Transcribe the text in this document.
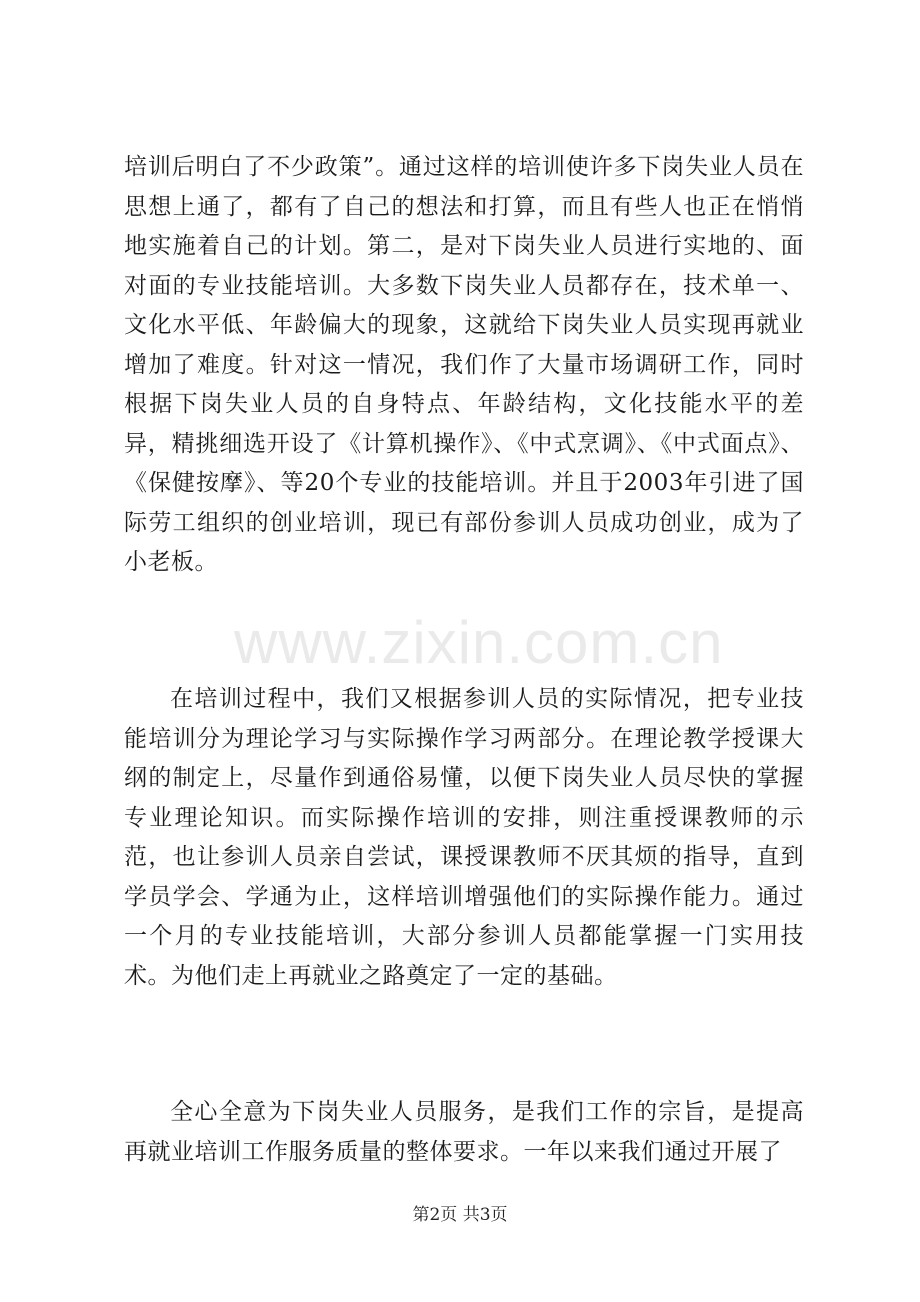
培训后明白了不少政策”。通过这样的培训使许多下岗失业人员在思想上通了，都有了自己的想法和打算，而且有些人也正在悄悄地实施着自己的计划。第二，是对下岗失业人员进行实地的、面对面的专业技能培训。大多数下岗失业人员都存在，技术单一、文化水平低、年龄偏大的现象，这就给下岗失业人员实现再就业增加了难度。针对这一情况，我们作了大量市场调研工作，同时根据下岗失业人员的自身特点、年龄结构，文化技能水平的差异，精挑细选开设了《计算机操作》、《中式烹调》、《中式面点》、《保健按摩》、等20个专业的技能培训。并且于2003年引进了国际劳工组织的创业培训，现已有部份参训人员成功创业，成为了小老板。

在培训过程中，我们又根据参训人员的实际情况，把专业技能培训分为理论学习与实际操作学习两部分。在理论教学授课大纲的制定上，尽量作到通俗易懂，以便下岗失业人员尽快的掌握专业理论知识。而实际操作培训的安排，则注重授课教师的示范，也让参训人员亲自尝试，课授课教师不厌其烦的指导，直到学员学会、学通为止，这样培训增强他们的实际操作能力。通过一个月的专业技能培训，大部分参训人员都能掌握一门实用技术。为他们走上再就业之路奠定了一定的基础。

全心全意为下岗失业人员服务，是我们工作的宗旨，是提高再就业培训工作服务质量的整体要求。一年以来我们通过开展了

www.zixin.com.cn
第2页 共3页
